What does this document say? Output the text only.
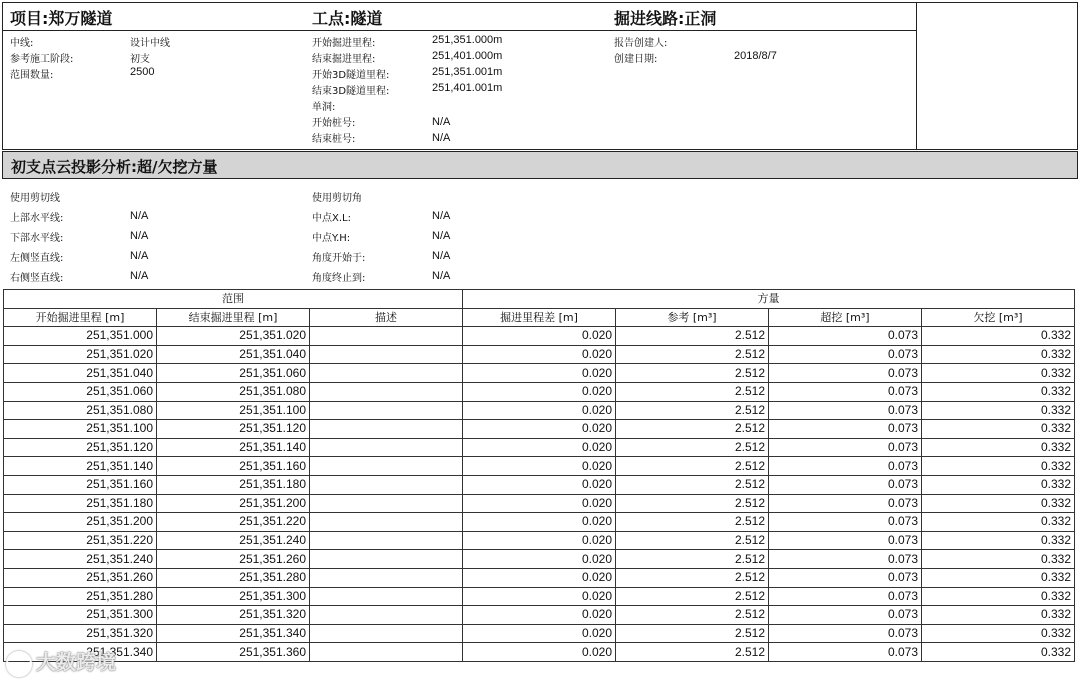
项目:郑万隧道	工点:隧道	掘进线路:正洞
中线:	设计中线
参考施工阶段:	初支
范围数量:	2500
开始掘进里程:	251,351.000m
结束掘进里程:	251,401.000m
开始3D隧道里程:	251,351.001m
结束3D隧道里程:	251,401.001m
单洞:
开始桩号:	N/A
结束桩号:	N/A
报告创建人:
创建日期:	2018/8/7
初支点云投影分析:超/欠挖方量
使用剪切线	使用剪切角
上部水平线:	N/A
下部水平线:	N/A
左侧竖直线:	N/A
右侧竖直线:	N/A
中点X.L:	N/A
中点Y.H:	N/A
角度开始于:	N/A
角度终止到:	N/A
范围			方量			
开始掘进里程 [m]	结束掘进里程 [m]	描述	掘进里程差 [m]	参考 [m³]	超挖 [m³]	欠挖 [m³]
251,351.000	251,351.020		0.020	2.512	0.073	0.332
251,351.020	251,351.040		0.020	2.512	0.073	0.332
251,351.040	251,351.060		0.020	2.512	0.073	0.332
251,351.060	251,351.080		0.020	2.512	0.073	0.332
251,351.080	251,351.100		0.020	2.512	0.073	0.332
251,351.100	251,351.120		0.020	2.512	0.073	0.332
251,351.120	251,351.140		0.020	2.512	0.073	0.332
251,351.140	251,351.160		0.020	2.512	0.073	0.332
251,351.160	251,351.180		0.020	2.512	0.073	0.332
251,351.180	251,351.200		0.020	2.512	0.073	0.332
251,351.200	251,351.220		0.020	2.512	0.073	0.332
251,351.220	251,351.240		0.020	2.512	0.073	0.332
251,351.240	251,351.260		0.020	2.512	0.073	0.332
251,351.260	251,351.280		0.020	2.512	0.073	0.332
251,351.280	251,351.300		0.020	2.512	0.073	0.332
251,351.300	251,351.320		0.020	2.512	0.073	0.332
251,351.320	251,351.340		0.020	2.512	0.073	0.332
251,351.340	251,351.360		0.020	2.512	0.073	0.332
大数跨境
